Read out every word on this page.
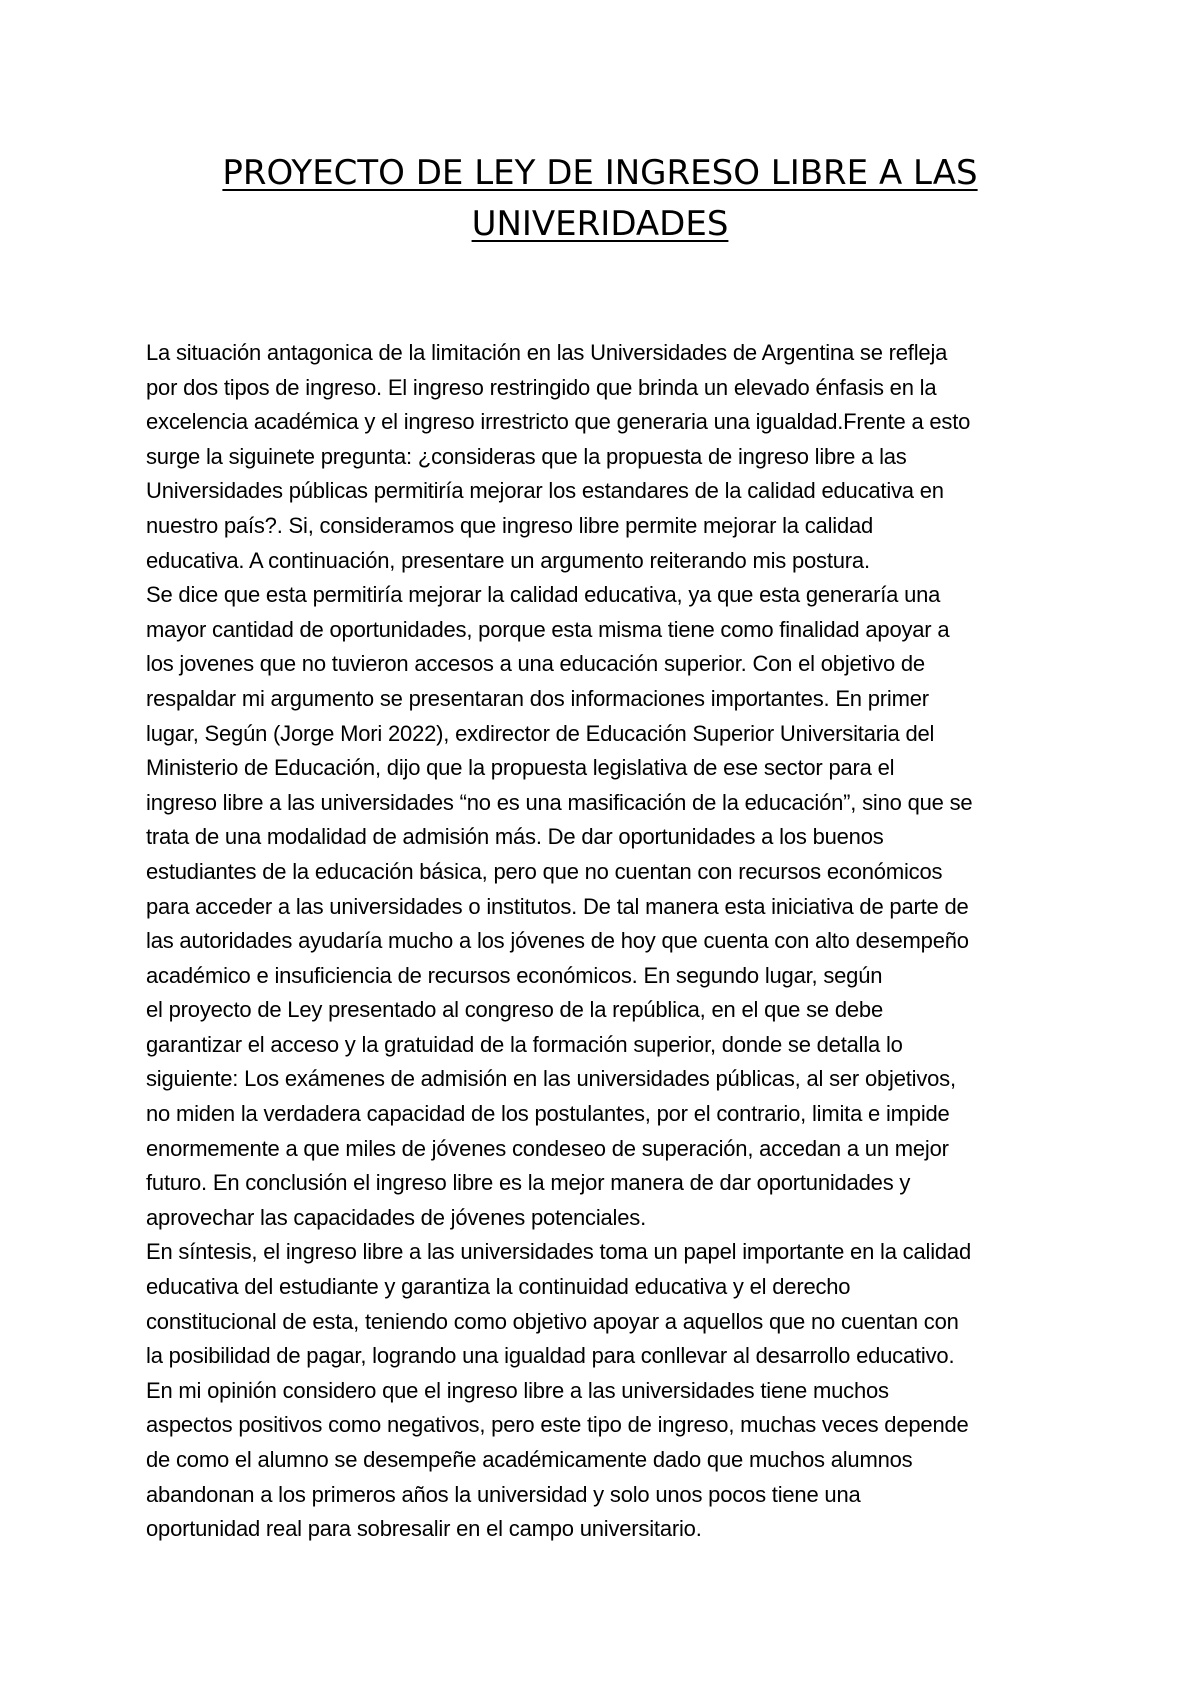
PROYECTO DE LEY DE INGRESO LIBRE A LAS
UNIVERIDADES
La situación antagonica de la limitación en las Universidades de Argentina se refleja
por dos tipos de ingreso. El ingreso restringido que brinda un elevado énfasis en la
excelencia académica y el ingreso irrestricto que generaria una igualdad.Frente a esto
surge la siguinete pregunta: ¿consideras que la propuesta de ingreso libre a las
Universidades públicas permitiría mejorar los estandares de la calidad educativa en
nuestro país?. Si, consideramos que ingreso libre permite mejorar la calidad
educativa. A continuación, presentare un argumento reiterando mis postura.
Se dice que esta permitiría mejorar la calidad educativa, ya que esta generaría una
mayor cantidad de oportunidades, porque esta misma tiene como finalidad apoyar a
los jovenes que no tuvieron accesos a una educación superior. Con el objetivo de
respaldar mi argumento se presentaran dos informaciones importantes. En primer
lugar, Según (Jorge Mori 2022), exdirector de Educación Superior Universitaria del
Ministerio de Educación, dijo que la propuesta legislativa de ese sector para el
ingreso libre a las universidades “no es una masificación de la educación”, sino que se
trata de una modalidad de admisión más. De dar oportunidades a los buenos
estudiantes de la educación básica, pero que no cuentan con recursos económicos
para acceder a las universidades o institutos. De tal manera esta iniciativa de parte de
las autoridades ayudaría mucho a los jóvenes de hoy que cuenta con alto desempeño
académico e insuficiencia de recursos económicos. En segundo lugar, según
el proyecto de Ley presentado al congreso de la república, en el que se debe
garantizar el acceso y la gratuidad de la formación superior, donde se detalla lo
siguiente: Los exámenes de admisión en las universidades públicas, al ser objetivos,
no miden la verdadera capacidad de los postulantes, por el contrario, limita e impide
enormemente a que miles de jóvenes condeseo de superación, accedan a un mejor
futuro. En conclusión el ingreso libre es la mejor manera de dar oportunidades y
aprovechar las capacidades de jóvenes potenciales.
En síntesis, el ingreso libre a las universidades toma un papel importante en la calidad
educativa del estudiante y garantiza la continuidad educativa y el derecho
constitucional de esta, teniendo como objetivo apoyar a aquellos que no cuentan con
la posibilidad de pagar, logrando una igualdad para conllevar al desarrollo educativo.
En mi opinión considero que el ingreso libre a las universidades tiene muchos
aspectos positivos como negativos, pero este tipo de ingreso, muchas veces depende
de como el alumno se desempeñe académicamente dado que muchos alumnos
abandonan a los primeros años la universidad y solo unos pocos tiene una
oportunidad real para sobresalir en el campo universitario.
